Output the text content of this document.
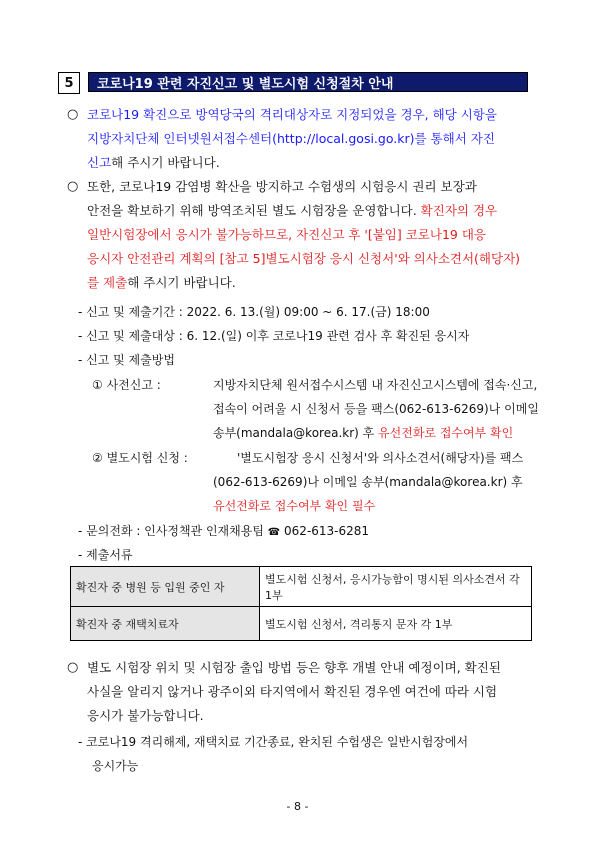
5	코로나19 관련 자진신고 및 별도시험 신청절차 안내
○ 코로나19 확진으로 방역당국의 격리대상자로 지정되었을 경우, 해당 시항을
지방자치단체 인터넷원서접수센터(http://local.gosi.go.kr)를 통해서 자진
신고해 주시기 바랍니다.
○ 또한, 코로나19 감염병 확산을 방지하고 수험생의 시험응시 권리 보장과
안전을 확보하기 위해 방역조치된 별도 시험장을 운영합니다. 확진자의 경우
일반시험장에서 응시가 불가능하므로, 자진신고 후 '[붙임] 코로나19 대응
응시자 안전관리 계획의 [참고 5]별도시험장 응시 신청서'와 의사소견서(해당자)
를 제출해 주시기 바랍니다.
- 신고 및 제출기간 : 2022. 6. 13.(월) 09:00 ~ 6. 17.(금) 18:00
- 신고 및 제출대상 : 6. 12.(일) 이후 코로나19 관련 검사 후 확진된 응시자
- 신고 및 제출방법
① 사전신고 :	지방자치단체 원서접수시스템 내 자진신고시스템에 접속·신고,
접속이 어려울 시 신청서 등을 팩스(062-613-6269)나 이메일
송부(mandala@korea.kr) 후 유선전화로 접수여부 확인
② 별도시험 신청 :	'별도시험장 응시 신청서'와 의사소견서(해당자)를 팩스
(062-613-6269)나 이메일 송부(mandala@korea.kr) 후
유선전화로 접수여부 확인 필수
- 문의전화 : 인사정책관 인재채용팀 ☎ 062-613-6281
- 제출서류
확진자 중 병원 등 입원 중인 자	별도시험 신청서, 응시가능함이 명시된 의사소견서 각 1부
확진자 중 재택치료자	별도시험 신청서, 격리통지 문자 각 1부
○ 별도 시험장 위치 및 시험장 출입 방법 등은 향후 개별 안내 예정이며, 확진된
사실을 알리지 않거나 광주이외 타지역에서 확진된 경우엔 여건에 따라 시험
응시가 불가능합니다.
- 코로나19 격리해제, 재택치료 기간종료, 완치된 수험생은 일반시험장에서
응시가능
- 8 -
